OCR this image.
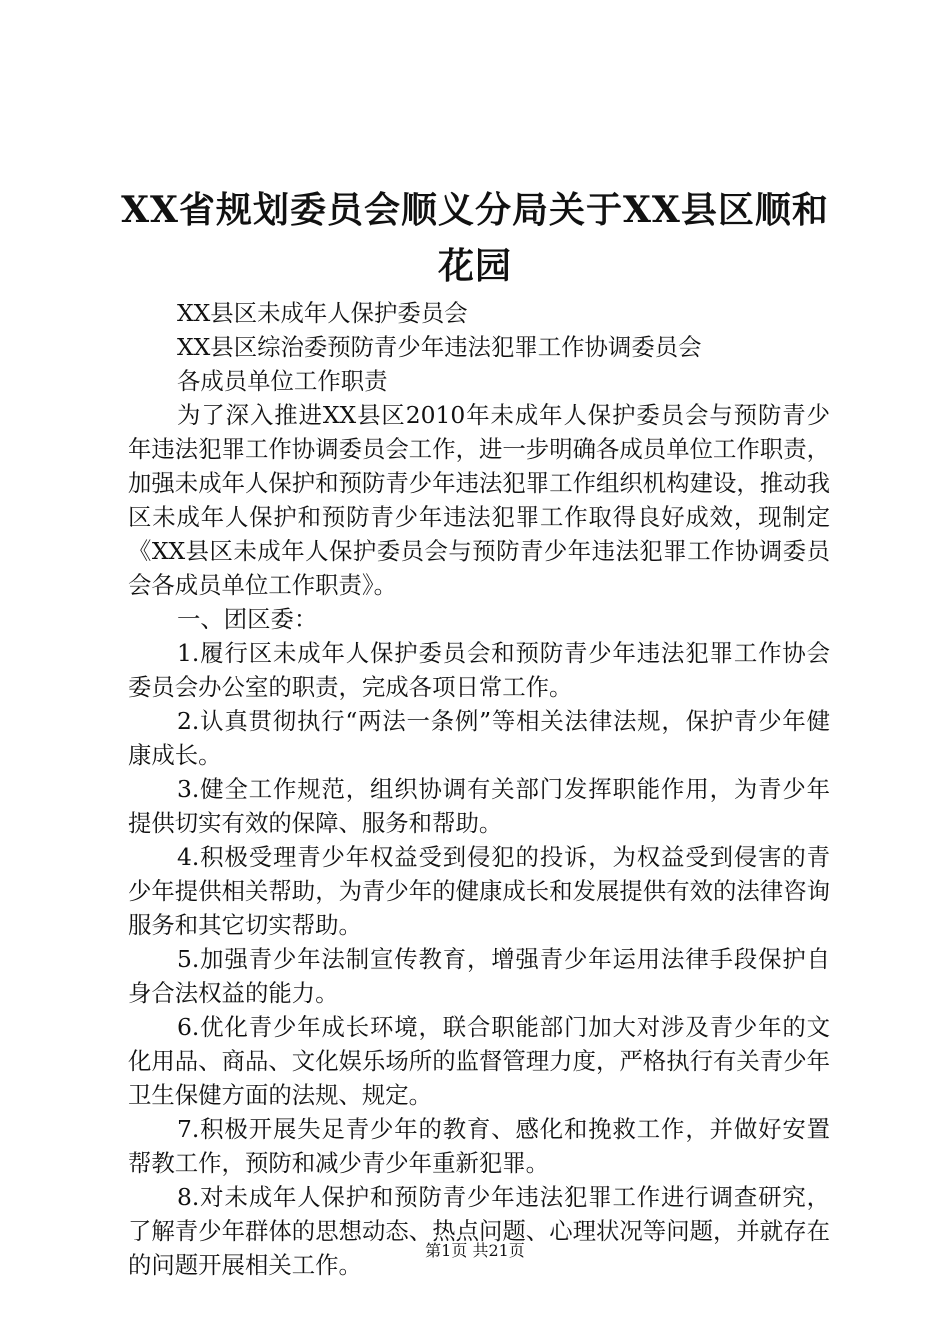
XX省规划委员会顺义分局关于XX县区顺和花园

XX县区未成年人保护委员会

XX县区综治委预防青少年违法犯罪工作协调委员会

各成员单位工作职责

为了深入推进XX县区2010年未成年人保护委员会与预防青少年违法犯罪工作协调委员会工作，进一步明确各成员单位工作职责，加强未成年人保护和预防青少年违法犯罪工作组织机构建设，推动我区未成年人保护和预防青少年违法犯罪工作取得良好成效，现制定《XX县区未成年人保护委员会与预防青少年违法犯罪工作协调委员会各成员单位工作职责》。

一、团区委：

1.履行区未成年人保护委员会和预防青少年违法犯罪工作协会委员会办公室的职责，完成各项日常工作。

2.认真贯彻执行“两法一条例”等相关法律法规，保护青少年健康成长。

3.健全工作规范，组织协调有关部门发挥职能作用，为青少年提供切实有效的保障、服务和帮助。

4.积极受理青少年权益受到侵犯的投诉，为权益受到侵害的青少年提供相关帮助，为青少年的健康成长和发展提供有效的法律咨询服务和其它切实帮助。

5.加强青少年法制宣传教育，增强青少年运用法律手段保护自身合法权益的能力。

6.优化青少年成长环境，联合职能部门加大对涉及青少年的文化用品、商品、文化娱乐场所的监督管理力度，严格执行有关青少年卫生保健方面的法规、规定。

7.积极开展失足青少年的教育、感化和挽救工作，并做好安置帮教工作，预防和减少青少年重新犯罪。

8.对未成年人保护和预防青少年违法犯罪工作进行调查研究，了解青少年群体的思想动态、热点问题、心理状况等问题，并就存在的问题开展相关工作。

第1页 共21页
